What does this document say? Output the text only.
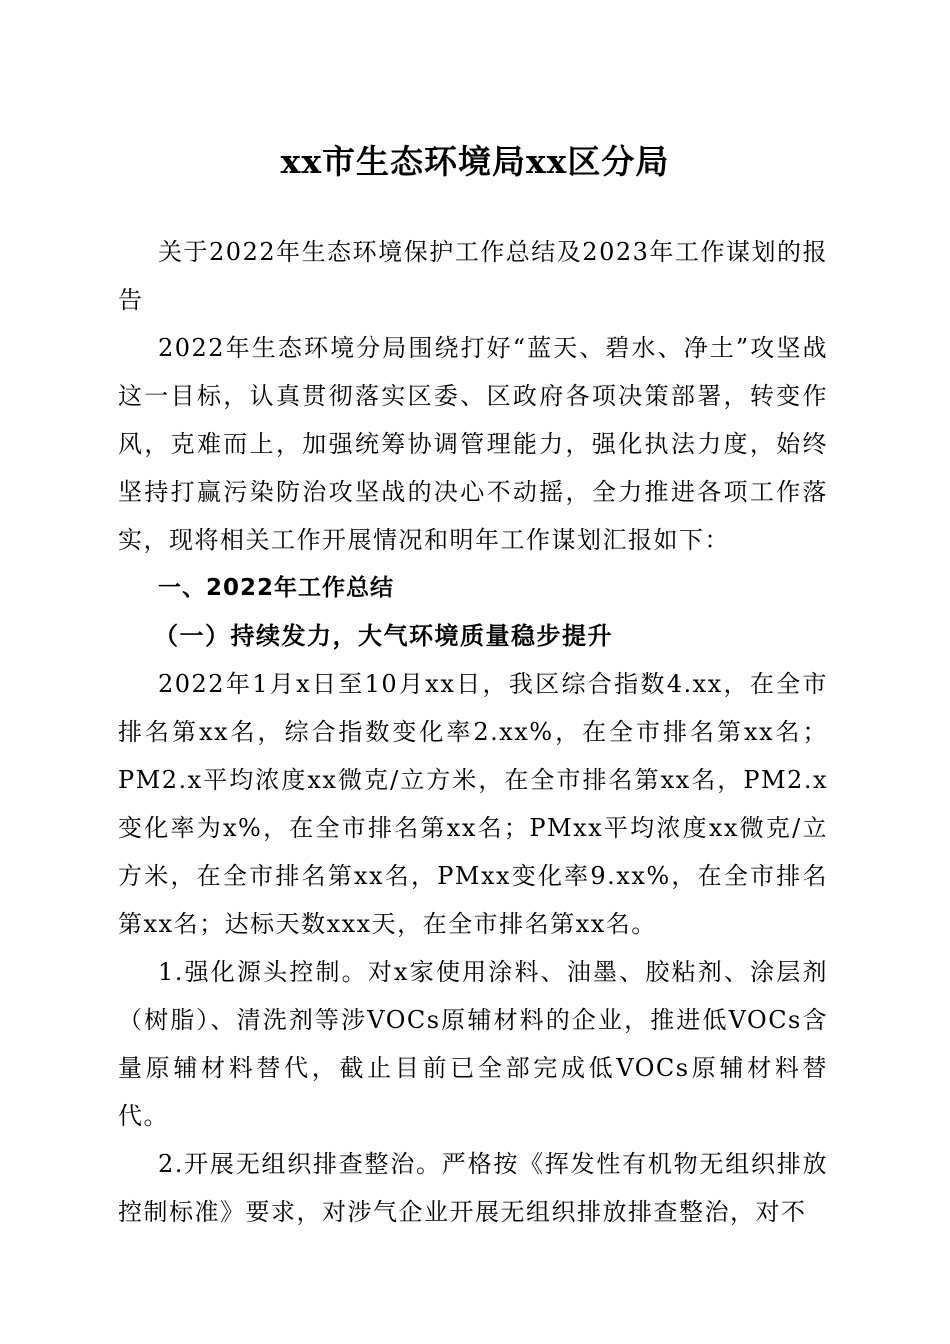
xx市生态环境局xx区分局

关于2022年生态环境保护工作总结及2023年工作谋划的报告

2022年生态环境分局围绕打好“蓝天、碧水、净土”攻坚战这一目标，认真贯彻落实区委、区政府各项决策部署，转变作风，克难而上，加强统筹协调管理能力，强化执法力度，始终坚持打赢污染防治攻坚战的决心不动摇，全力推进各项工作落实，现将相关工作开展情况和明年工作谋划汇报如下：

一、2022年工作总结

（一）持续发力，大气环境质量稳步提升

2022年1月x日至10月xx日，我区综合指数4.xx，在全市排名第xx名，综合指数变化率2.xx%，在全市排名第xx名；PM2.x平均浓度xx微克/立方米，在全市排名第xx名，PM2.x变化率为x%，在全市排名第xx名；PMxx平均浓度xx微克/立方米，在全市排名第xx名，PMxx变化率9.xx%，在全市排名第xx名；达标天数xxx天，在全市排名第xx名。

1.强化源头控制。对x家使用涂料、油墨、胶粘剂、涂层剂（树脂）、清洗剂等涉VOCs原辅材料的企业，推进低VOCs含量原辅材料替代，截止目前已全部完成低VOCs原辅材料替代。

2.开展无组织排查整治。严格按《挥发性有机物无组织排放控制标准》要求，对涉气企业开展无组织排放排查整治，对不
